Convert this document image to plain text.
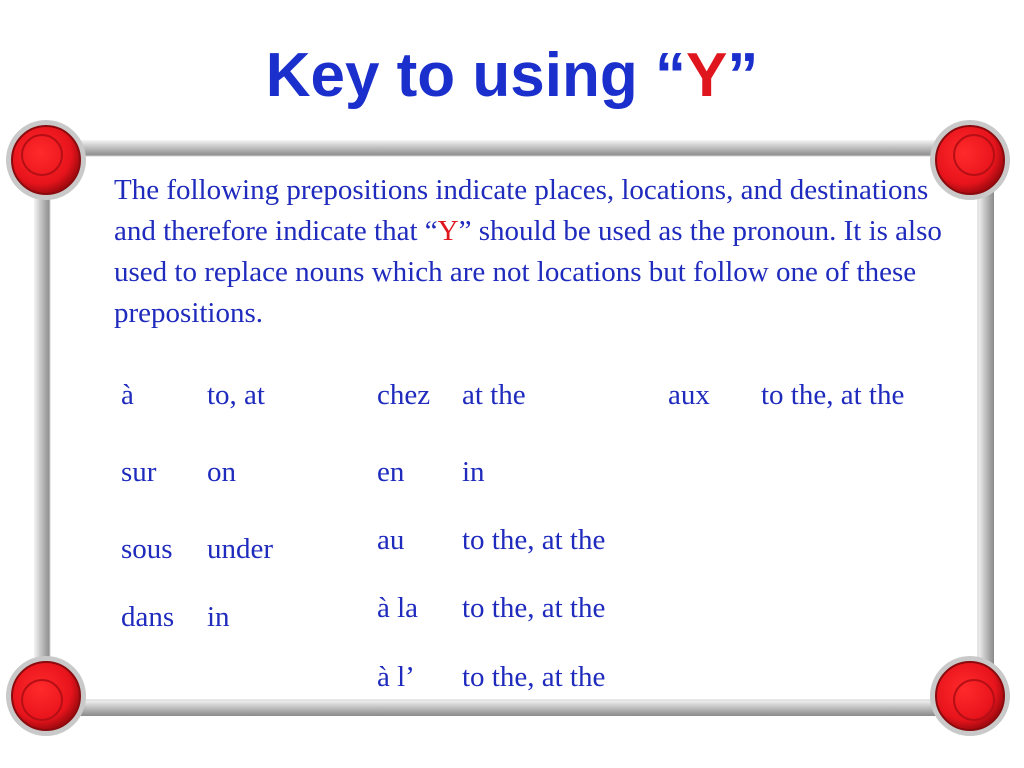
Key to using “Y”

The following prepositions indicate places, locations, and destinations and therefore indicate that “Y” should be used as the pronoun. It is also used to replace nouns which are not locations but follow one of these prepositions.

à	to, at
sur on
sous under
dans in
chez at the
en in
au to the, at the
à la to the, at the
à l’ to the, at the
aux to the, at the
